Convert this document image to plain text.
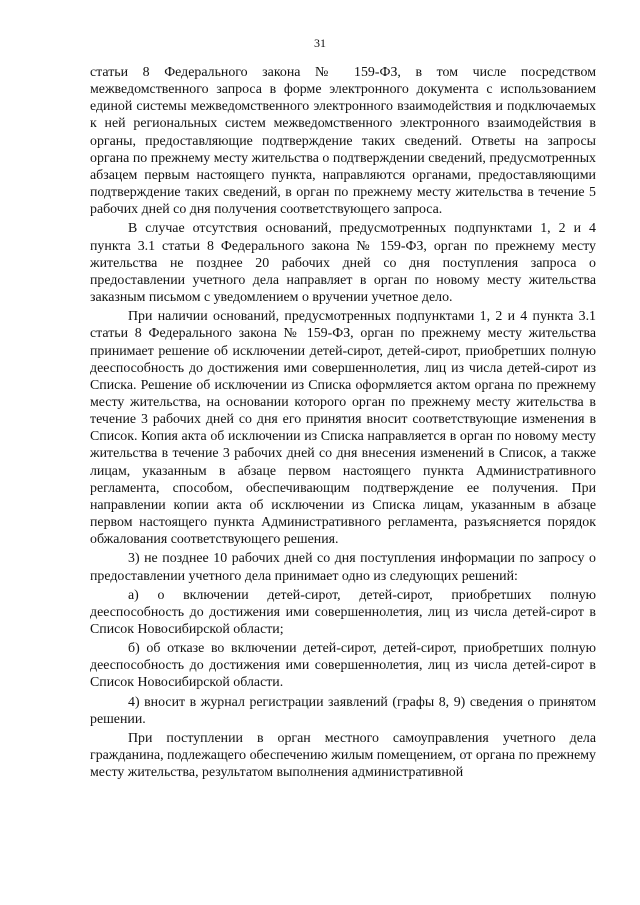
31

статьи 8 Федерального закона № 159-ФЗ, в том числе посредством межведомственного запроса в форме электронного документа с использованием единой системы межведомственного электронного взаимодействия и подключаемых к ней региональных систем межведомственного электронного взаимодействия в органы, предоставляющие подтверждение таких сведений. Ответы на запросы органа по прежнему месту жительства о подтверждении сведений, предусмотренных абзацем первым настоящего пункта, направляются органами, предоставляющими подтверждение таких сведений, в орган по прежнему месту жительства в течение 5 рабочих дней со дня получения соответствующего запроса.

В случае отсутствия оснований, предусмотренных подпунктами 1, 2 и 4 пункта 3.1 статьи 8 Федерального закона № 159-ФЗ, орган по прежнему месту жительства не позднее 20 рабочих дней со дня поступления запроса о предоставлении учетного дела направляет в орган по новому месту жительства заказным письмом с уведомлением о вручении учетное дело.

При наличии оснований, предусмотренных подпунктами 1, 2 и 4 пункта 3.1 статьи 8 Федерального закона № 159-ФЗ, орган по прежнему месту жительства принимает решение об исключении детей-сирот, детей-сирот, приобретших полную дееспособность до достижения ими совершеннолетия, лиц из числа детей-сирот из Списка. Решение об исключении из Списка оформляется актом органа по прежнему месту жительства, на основании которого орган по прежнему месту жительства в течение 3 рабочих дней со дня его принятия вносит соответствующие изменения в Список. Копия акта об исключении из Списка направляется в орган по новому месту жительства в течение 3 рабочих дней со дня внесения изменений в Список, а также лицам, указанным в абзаце первом настоящего пункта Административного регламента, способом, обеспечивающим подтверждение ее получения. При направлении копии акта об исключении из Списка лицам, указанным в абзаце первом настоящего пункта Административного регламента, разъясняется порядок обжалования соответствующего решения.

3) не позднее 10 рабочих дней со дня поступления информации по запросу о предоставлении учетного дела принимает одно из следующих решений:

а) о включении детей-сирот, детей-сирот, приобретших полную дееспособность до достижения ими совершеннолетия, лиц из числа детей-сирот в Список Новосибирской области;

б) об отказе во включении детей-сирот, детей-сирот, приобретших полную дееспособность до достижения ими совершеннолетия, лиц из числа детей-сирот в Список Новосибирской области.

4) вносит в журнал регистрации заявлений (графы 8, 9) сведения о принятом решении.

При поступлении в орган местного самоуправления учетного дела гражданина, подлежащего обеспечению жилым помещением, от органа по прежнему месту жительства, результатом выполнения административной
